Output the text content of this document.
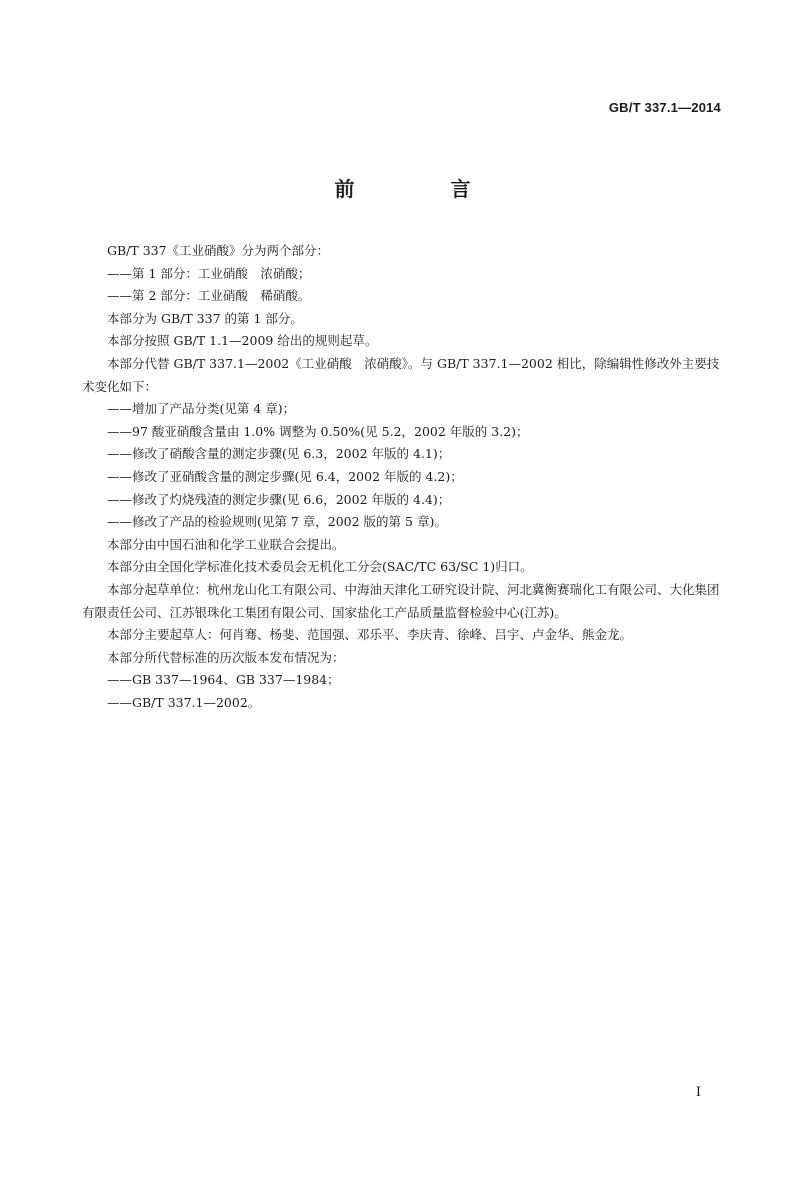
GB/T 337.1—2014
前　言

GB/T 337《工业硝酸》分为两个部分：

——第 1 部分：工业硝酸　浓硝酸；

——第 2 部分：工业硝酸　稀硝酸。

本部分为 GB/T 337 的第 1 部分。

本部分按照 GB/T 1.1—2009 给出的规则起草。

本部分代替 GB/T 337.1—2002《工业硝酸　浓硝酸》。与 GB/T 337.1—2002 相比，除编辑性修改外主要技术变化如下：

——增加了产品分类(见第 4 章)；

——97 酸亚硝酸含量由 1.0% 调整为 0.50%(见 5.2，2002 年版的 3.2)；

——修改了硝酸含量的测定步骤(见 6.3，2002 年版的 4.1)；

——修改了亚硝酸含量的测定步骤(见 6.4，2002 年版的 4.2)；

——修改了灼烧残渣的测定步骤(见 6.6，2002 年版的 4.4)；

——修改了产品的检验规则(见第 7 章，2002 版的第 5 章)。

本部分由中国石油和化学工业联合会提出。

本部分由全国化学标准化技术委员会无机化工分会(SAC/TC 63/SC 1)归口。

本部分起草单位：杭州龙山化工有限公司、中海油天津化工研究设计院、河北冀衡赛瑞化工有限公司、大化集团有限责任公司、江苏银珠化工集团有限公司、国家盐化工产品质量监督检验中心(江苏)。

本部分主要起草人：何肖骞、杨斐、范国强、邓乐平、李庆青、徐峰、吕宇、卢金华、熊金龙。

本部分所代替标准的历次版本发布情况为：

——GB 337—1964、GB 337—1984；

——GB/T 337.1—2002。

I
